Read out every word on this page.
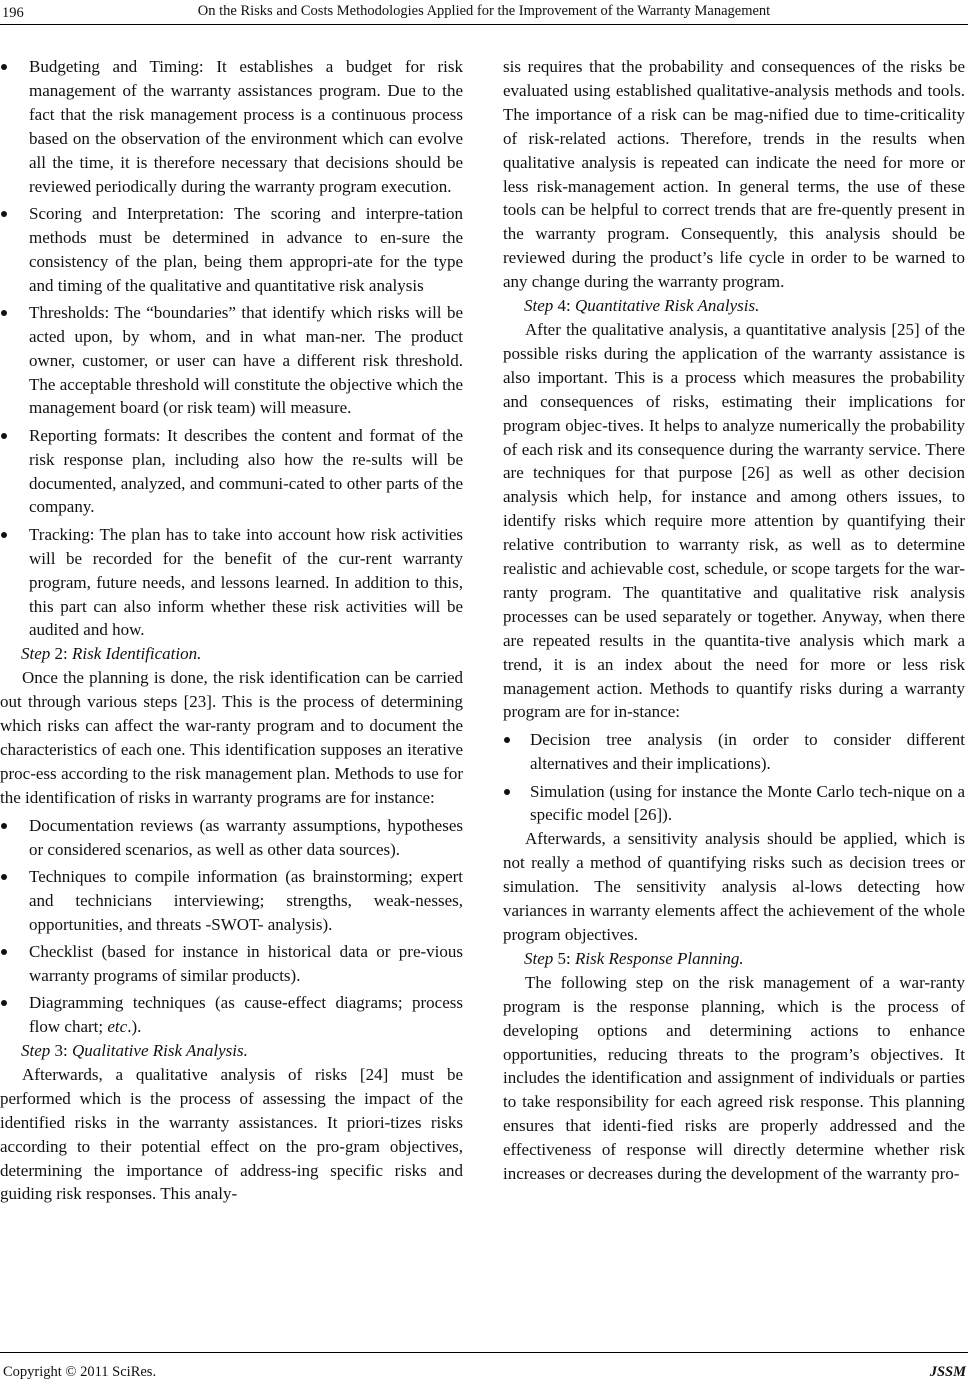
196	On the Risks and Costs Methodologies Applied for the Improvement of the Warranty Management
Budgeting and Timing: It establishes a budget for risk management of the warranty assistances program. Due to the fact that the risk management process is a continuous process based on the observation of the environment which can evolve all the time, it is therefore necessary that decisions should be reviewed periodically during the warranty program execution.
Scoring and Interpretation: The scoring and interpre-tation methods must be determined in advance to en-sure the consistency of the plan, being them appropri-ate for the type and timing of the qualitative and quantitative risk analysis
Thresholds: The “boundaries” that identify which risks will be acted upon, by whom, and in what man-ner. The product owner, customer, or user can have a different risk threshold. The acceptable threshold will constitute the objective which the management board (or risk team) will measure.
Reporting formats: It describes the content and format of the risk response plan, including also how the re-sults will be documented, analyzed, and communi-cated to other parts of the company.
Tracking: The plan has to take into account how risk activities will be recorded for the benefit of the cur-rent warranty program, future needs, and lessons learned. In addition to this, this part can also inform whether these risk activities will be audited and how.

Step 2: Risk Identification.

Once the planning is done, the risk identification can be carried out through various steps [23]. This is the process of determining which risks can affect the war-ranty program and to document the characteristics of each one. This identification supposes an iterative proc-ess according to the risk management plan. Methods to use for the identification of risks in warranty programs are for instance:

Documentation reviews (as warranty assumptions, hypotheses or considered scenarios, as well as other data sources).
Techniques to compile information (as brainstorming; expert and technicians interviewing; strengths, weak-nesses, opportunities, and threats -SWOT- analysis).
Checklist (based for instance in historical data or pre-vious warranty programs of similar products).
Diagramming techniques (as cause-effect diagrams; process flow chart; etc.).

Step 3: Qualitative Risk Analysis.

Afterwards, a qualitative analysis of risks [24] must be performed which is the process of assessing the impact of the identified risks in the warranty assistances. It priori-tizes risks according to their potential effect on the pro-gram objectives, determining the importance of address-ing specific risks and guiding risk responses. This analy-

sis requires that the probability and consequences of the risks be evaluated using established qualitative-analysis methods and tools. The importance of a risk can be mag-nified due to time-criticality of risk-related actions. Therefore, trends in the results when qualitative analysis is repeated can indicate the need for more or less risk-management action. In general terms, the use of these tools can be helpful to correct trends that are fre-quently present in the warranty program. Consequently, this analysis should be reviewed during the product’s life cycle in order to be warned to any change during the warranty program.

Step 4: Quantitative Risk Analysis.

After the qualitative analysis, a quantitative analysis [25] of the possible risks during the application of the warranty assistance is also important. This is a process which measures the probability and consequences of risks, estimating their implications for program objec-tives. It helps to analyze numerically the probability of each risk and its consequence during the warranty service. There are techniques for that purpose [26] as well as other decision analysis which help, for instance and among others issues, to identify risks which require more attention by quantifying their relative contribution to warranty risk, as well as to determine realistic and achievable cost, schedule, or scope targets for the war-ranty program. The quantitative and qualitative risk analysis processes can be used separately or together. Anyway, when there are repeated results in the quantita-tive analysis which mark a trend, it is an index about the need for more or less risk management action. Methods to quantify risks during a warranty program are for in-stance:

Decision tree analysis (in order to consider different alternatives and their implications).
Simulation (using for instance the Monte Carlo tech-nique on a specific model [26]).

Afterwards, a sensitivity analysis should be applied, which is not really a method of quantifying risks such as decision trees or simulation. The sensitivity analysis al-lows detecting how variances in warranty elements affect the achievement of the whole program objectives.

Step 5: Risk Response Planning.

The following step on the risk management of a war-ranty program is the response planning, which is the process of developing options and determining actions to enhance opportunities, reducing threats to the program’s objectives. It includes the identification and assignment of individuals or parties to take responsibility for each agreed risk response. This planning ensures that identi-fied risks are properly addressed and the effectiveness of response will directly determine whether risk increases or decreases during the development of the warranty pro-

Copyright © 2011 SciRes.	JSSM
